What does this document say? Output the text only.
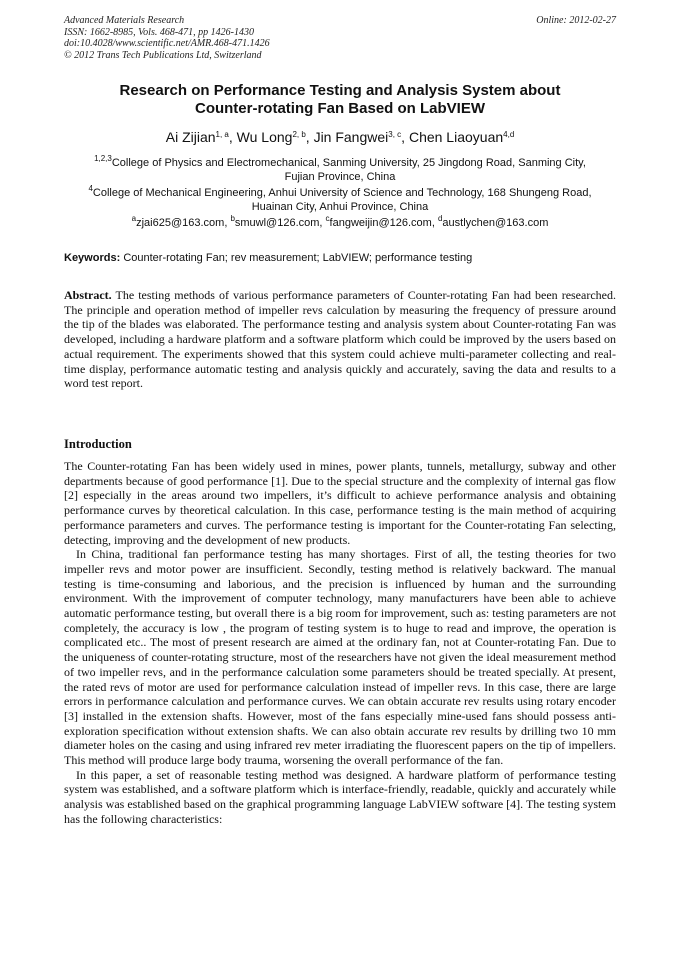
Advanced Materials Research
ISSN: 1662-8985, Vols. 468-471, pp 1426-1430
doi:10.4028/www.scientific.net/AMR.468-471.1426
© 2012 Trans Tech Publications Ltd, Switzerland
Online: 2012-02-27
Research on Performance Testing and Analysis System about
Counter-rotating Fan Based on LabVIEW
Ai Zijian$^{1, a}$, Wu Long$^{2, b}$, Jin Fangwei$^{3, c}$, Chen Liaoyuan$^{4,d}$
$^{1,2,3}$College of Physics and Electromechanical, Sanming University, 25 Jingdong Road, Sanming City,
Fujian Province, China
$^4$College of Mechanical Engineering, Anhui University of Science and Technology, 168 Shungeng Road,
Huainan City, Anhui Province, China
$^a$zjai625@163.com, $^b$smuwl@126.com, $^c$fangweijin@126.com, $^d$austlychen@163.com
Keywords: Counter-rotating Fan; rev measurement; LabVIEW; performance testing
Abstract. The testing methods of various performance parameters of Counter-rotating Fan had been researched. The principle and operation method of impeller revs calculation by measuring the frequency of pressure around the tip of the blades was elaborated. The performance testing and analysis system about Counter-rotating Fan was developed, including a hardware platform and a software platform which could be improved by the users based on actual requirement. The experiments showed that this system could achieve multi-parameter collecting and real-time display, performance automatic testing and analysis quickly and accurately, saving the data and results to a word test report.
Introduction

The Counter-rotating Fan has been widely used in mines, power plants, tunnels, metallurgy, subway and other departments because of good performance [1]. Due to the special structure and the complexity of internal gas flow [2] especially in the areas around two impellers, it’s difficult to achieve performance analysis and obtaining performance curves by theoretical calculation. In this case, performance testing is the main method of acquiring performance parameters and curves. The performance testing is important for the Counter-rotating Fan selecting, detecting, improving and the development of new products.

In China, traditional fan performance testing has many shortages. First of all, the testing theories for two impeller revs and motor power are insufficient. Secondly, testing method is relatively backward. The manual testing is time-consuming and laborious, and the precision is influenced by human and the surrounding environment. With the improvement of computer technology, many manufacturers have been able to achieve automatic performance testing, but overall there is a big room for improvement, such as: testing parameters are not completely, the accuracy is low , the program of testing system is to huge to read and improve, the operation is complicated etc.. The most of present research are aimed at the ordinary fan, not at Counter-rotating Fan. Due to the uniqueness of counter-rotating structure, most of the researchers have not given the ideal measurement method of two impeller revs, and in the performance calculation some parameters should be treated specially. At present, the rated revs of motor are used for performance calculation instead of impeller revs. In this case, there are large errors in performance calculation and performance curves. We can obtain accurate rev results using rotary encoder [3] installed in the extension shafts. However, most of the fans especially mine-used fans should possess anti-exploration specification without extension shafts. We can also obtain accurate rev results by drilling two 10 mm diameter holes on the casing and using infrared rev meter irradiating the fluorescent papers on the tip of impellers. This method will produce large body trauma, worsening the overall performance of the fan.

In this paper, a set of reasonable testing method was designed. A hardware platform of performance testing system was established, and a software platform which is interface-friendly, readable, quickly and accurately while analysis was established based on the graphical programming language LabVIEW software [4]. The testing system has the following characteristics:
